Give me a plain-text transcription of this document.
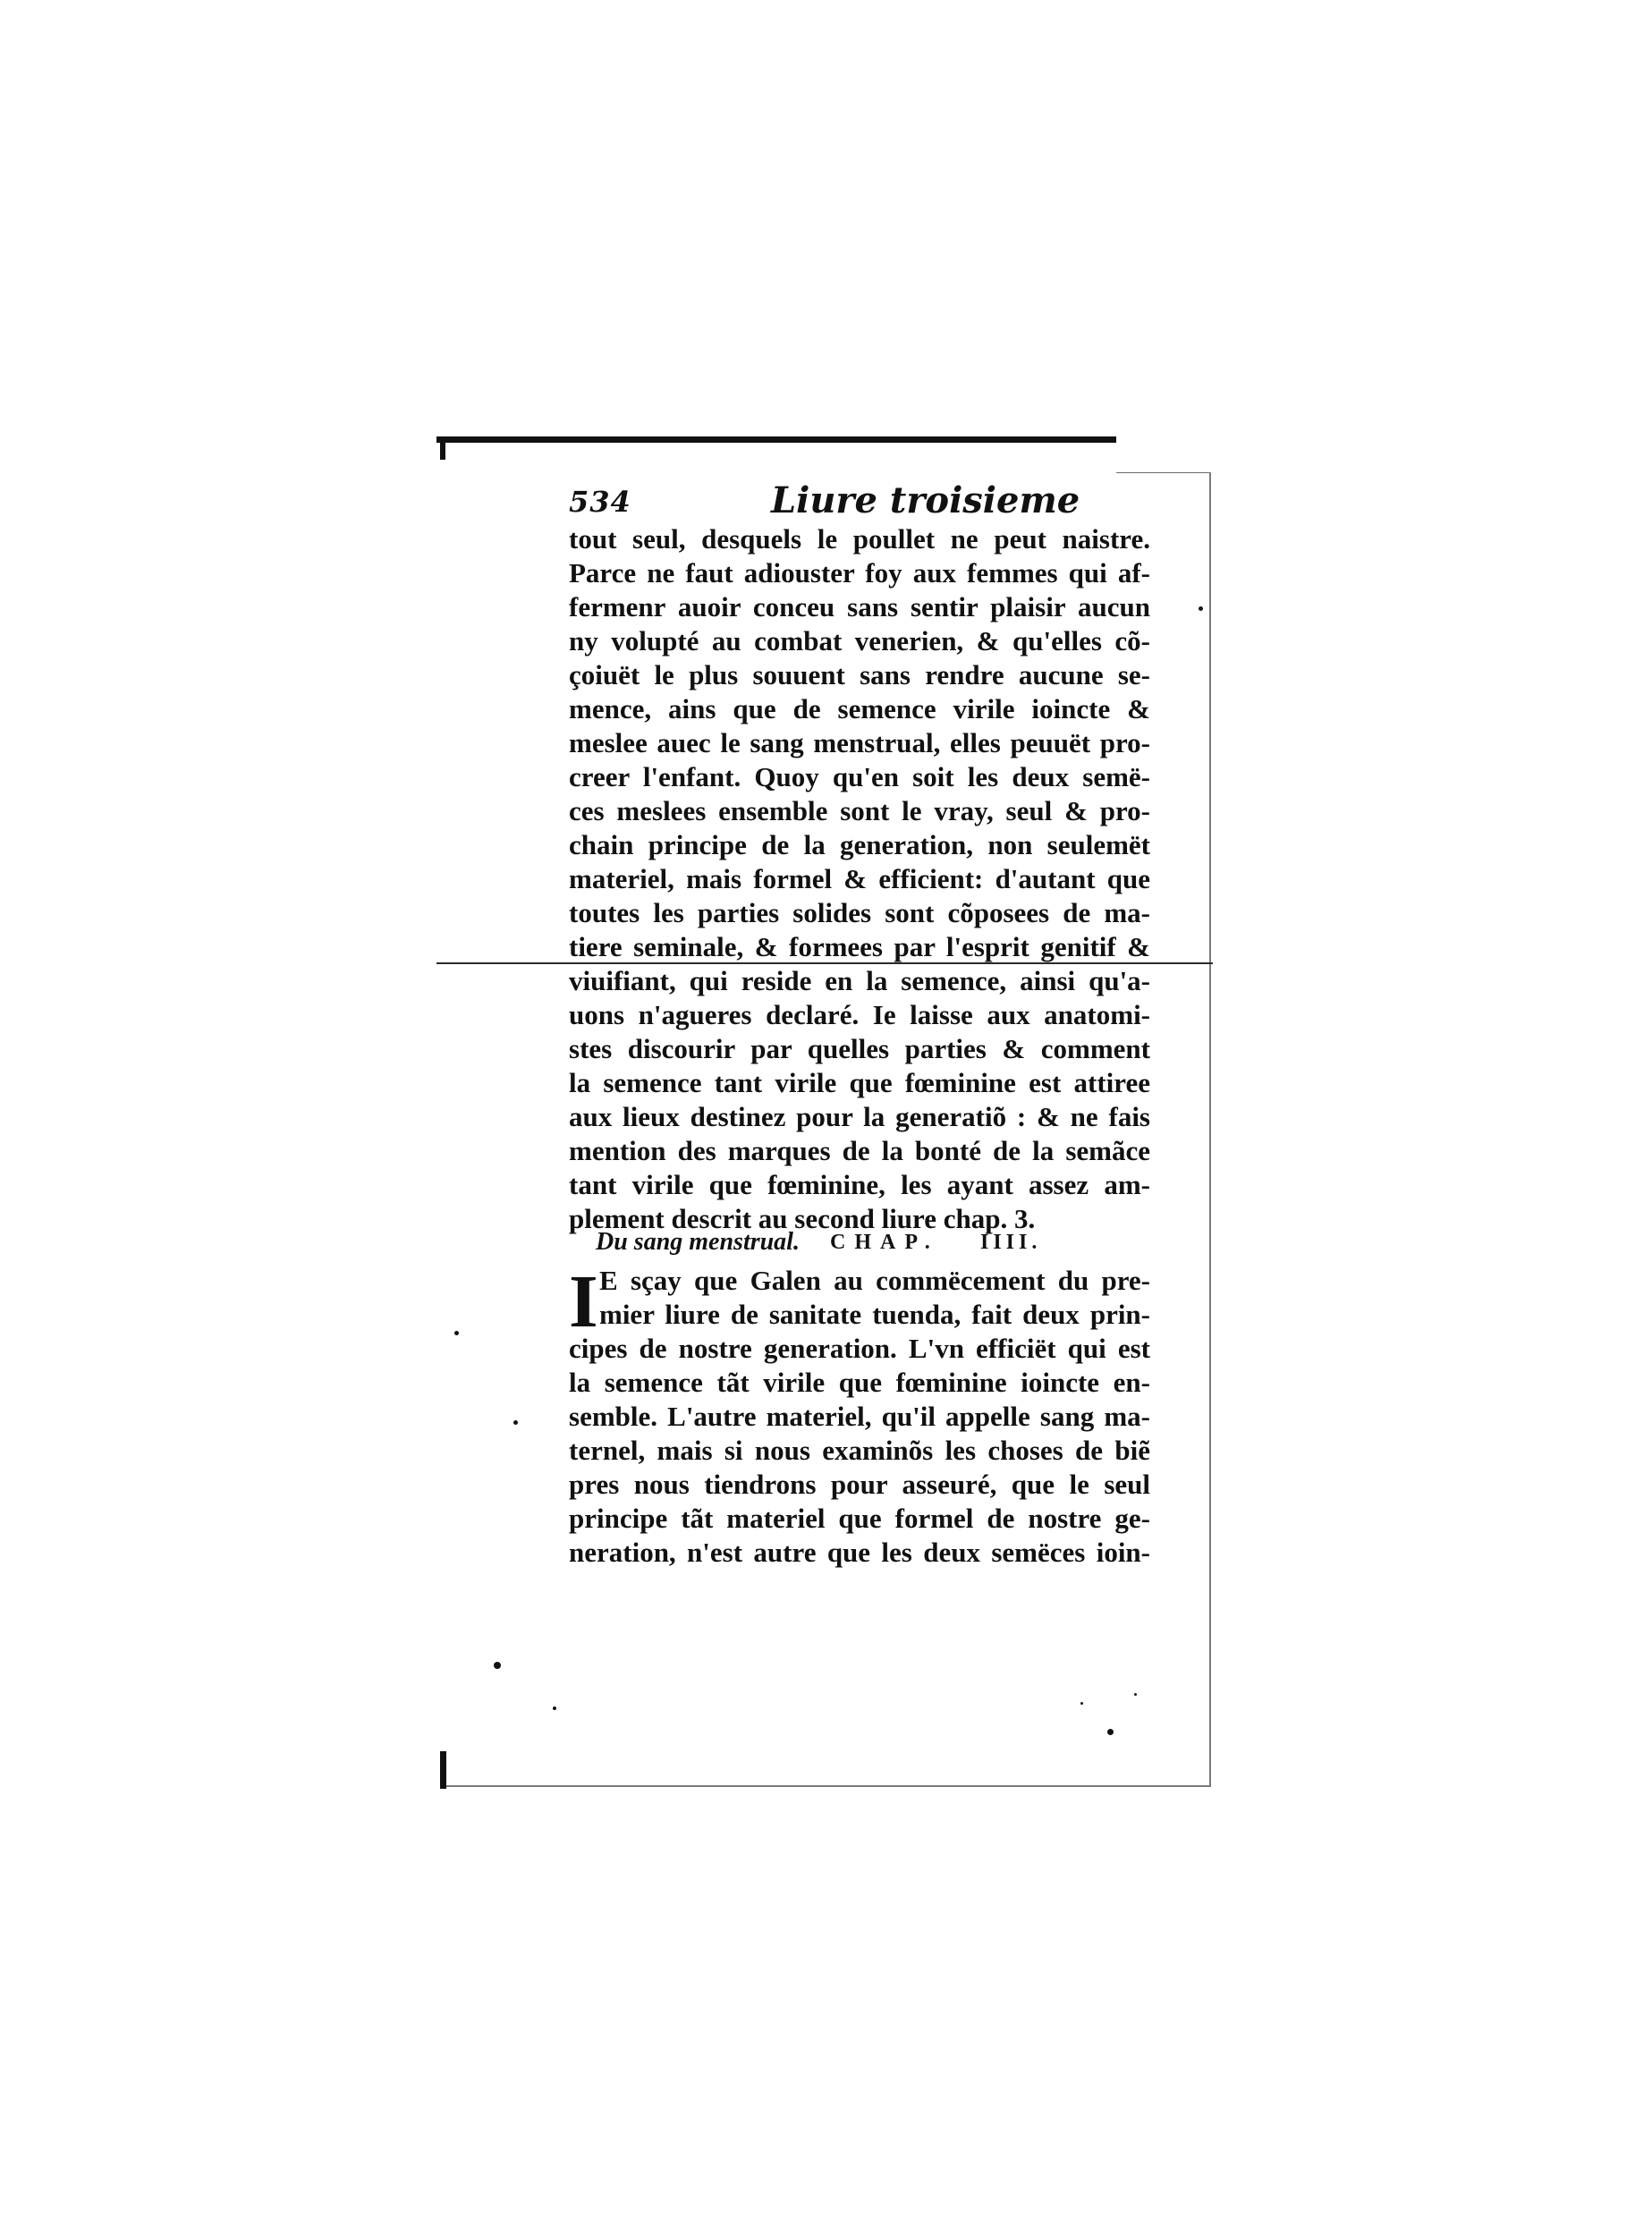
534	Liure troisieme
tout seul, desquels le poullet ne peut naistre.
Parce ne faut adiouster foy aux femmes qui af-
fermenr auoir conceu sans sentir plaisir aucun
ny volupté au combat venerien, & qu'elles cõ-
çoiuët le plus souuent sans rendre aucune se-
mence, ains que de semence virile ioincte &
meslee auec le sang menstrual, elles peuuët pro-
creer l'enfant. Quoy qu'en soit les deux semë-
ces meslees ensemble sont le vray, seul & pro-
chain principe de la generation, non seulemët
materiel, mais formel & efficient: d'autant que
toutes les parties solides sont cõposees de ma-
tiere seminale, & formees par l'esprit genitif &
viuifiant, qui reside en la semence, ainsi qu'a-
uons n'agueres declaré. Ie laisse aux anatomi-
stes discourir par quelles parties & comment
la semence tant virile que fœminine est attiree
aux lieux destinez pour la generatiõ : & ne fais
mention des marques de la bonté de la semãce
tant virile que fœminine, les ayant assez am-
plement descrit au second liure chap. 3.
Du sang menstrual. CHAP. IIII.
I E sçay que Galen au commëcement du pre-
mier liure de sanitate tuenda, fait deux prin-
cipes de nostre generation. L'vn efficiët qui est
la semence tãt virile que fœminine ioincte en-
semble. L'autre materiel, qu'il appelle sang ma-
ternel, mais si nous examinõs les choses de biẽ
pres nous tiendrons pour asseuré, que le seul
principe tãt materiel que formel de nostre ge-
neration, n'est autre que les deux semëces ioin-
